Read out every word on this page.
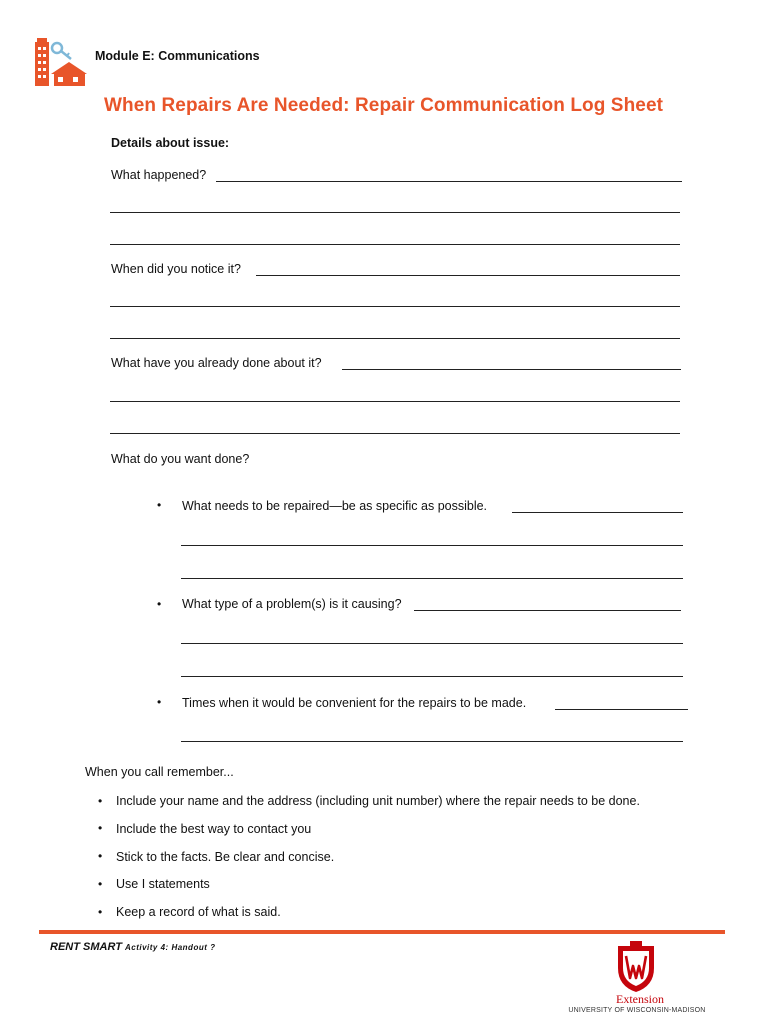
Module E: Communications
When Repairs Are Needed: Repair Communication Log Sheet
Details about issue:
What happened?
When did you notice it?
What have you already done about it?
What do you want done?
• What needs to be repaired—be as specific as possible.
• What type of a problem(s) is it causing?
• Times when it would be convenient for the repairs to be made.
When you call remember...
• Include your name and the address (including unit number) where the repair needs to be done.
• Include the best way to contact you
• Stick to the facts. Be clear and concise.
• Use I statements
• Keep a record of what is said.
RENT SMART Activity 4: Handout ?
Extension
UNIVERSITY OF WISCONSIN-MADISON
